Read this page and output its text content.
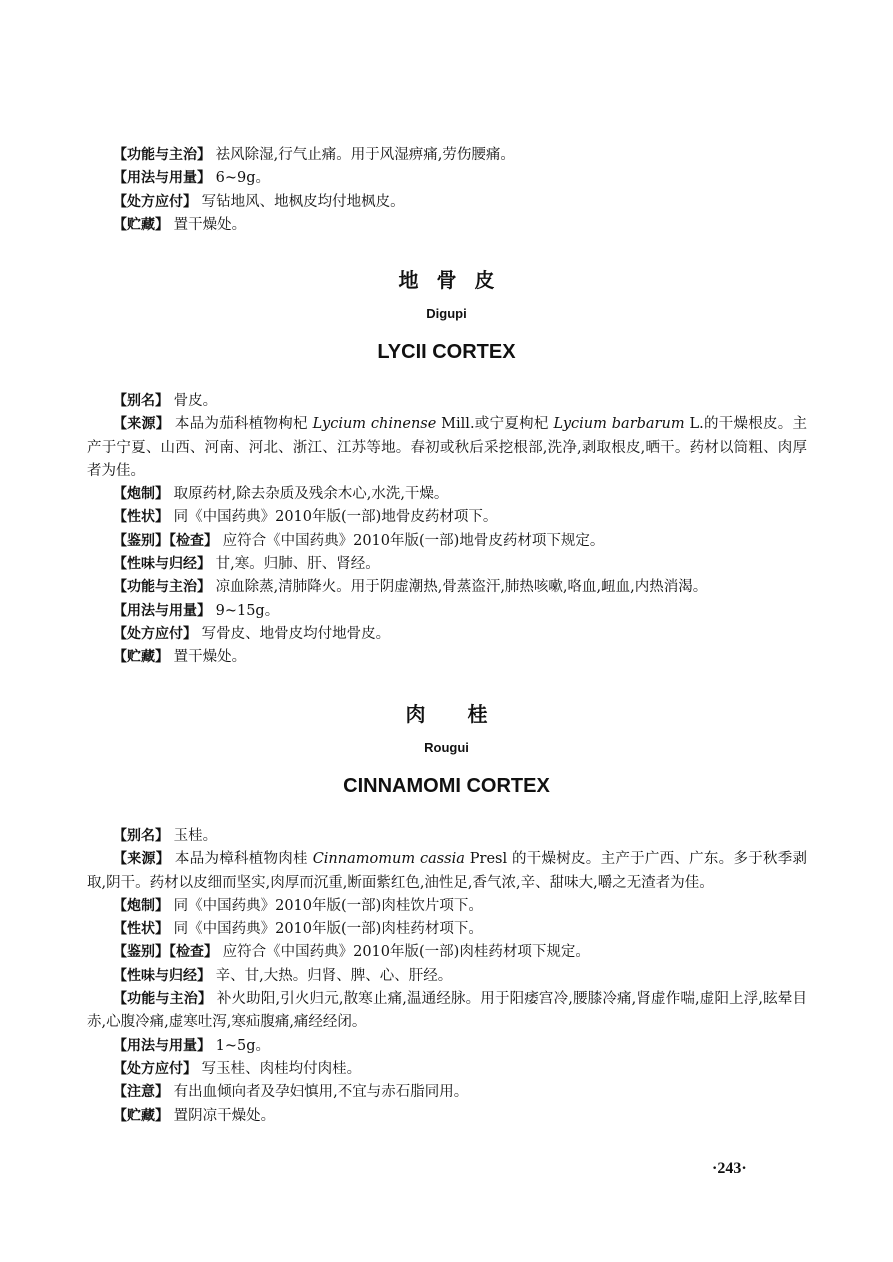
【功能与主治】 祛风除湿,行气止痛。用于风湿痹痛,劳伤腰痛。

【用法与用量】 6~9g。

【处方应付】 写钻地风、地枫皮均付地枫皮。

【贮藏】 置干燥处。

地骨皮
Digupi
LYCII CORTEX

【别名】 骨皮。

【来源】 本品为茄科植物枸杞 Lycium chinense Mill.或宁夏枸杞 Lycium barbarum L.的干燥根皮。主产于宁夏、山西、河南、河北、浙江、江苏等地。春初或秋后采挖根部,洗净,剥取根皮,晒干。药材以筒粗、肉厚者为佳。

【炮制】 取原药材,除去杂质及残余木心,水洗,干燥。

【性状】 同《中国药典》2010年版(一部)地骨皮药材项下。

【鉴别】【检查】 应符合《中国药典》2010年版(一部)地骨皮药材项下规定。

【性味与归经】 甘,寒。归肺、肝、肾经。

【功能与主治】 凉血除蒸,清肺降火。用于阴虚潮热,骨蒸盗汗,肺热咳嗽,咯血,衄血,内热消渴。

【用法与用量】 9~15g。

【处方应付】 写骨皮、地骨皮均付地骨皮。

【贮藏】 置干燥处。

肉桂
Rougui
CINNAMOMI CORTEX

【别名】 玉桂。

【来源】 本品为樟科植物肉桂 Cinnamomum cassia Presl 的干燥树皮。主产于广西、广东。多于秋季剥取,阴干。药材以皮细而坚实,肉厚而沉重,断面紫红色,油性足,香气浓,辛、甜味大,嚼之无渣者为佳。

【炮制】 同《中国药典》2010年版(一部)肉桂饮片项下。

【性状】 同《中国药典》2010年版(一部)肉桂药材项下。

【鉴别】【检查】 应符合《中国药典》2010年版(一部)肉桂药材项下规定。

【性味与归经】 辛、甘,大热。归肾、脾、心、肝经。

【功能与主治】 补火助阳,引火归元,散寒止痛,温通经脉。用于阳痿宫冷,腰膝冷痛,肾虚作喘,虚阳上浮,眩晕目赤,心腹冷痛,虚寒吐泻,寒疝腹痛,痛经经闭。

【用法与用量】 1~5g。

【处方应付】 写玉桂、肉桂均付肉桂。

【注意】 有出血倾向者及孕妇慎用,不宜与赤石脂同用。

【贮藏】 置阴凉干燥处。

·243·
